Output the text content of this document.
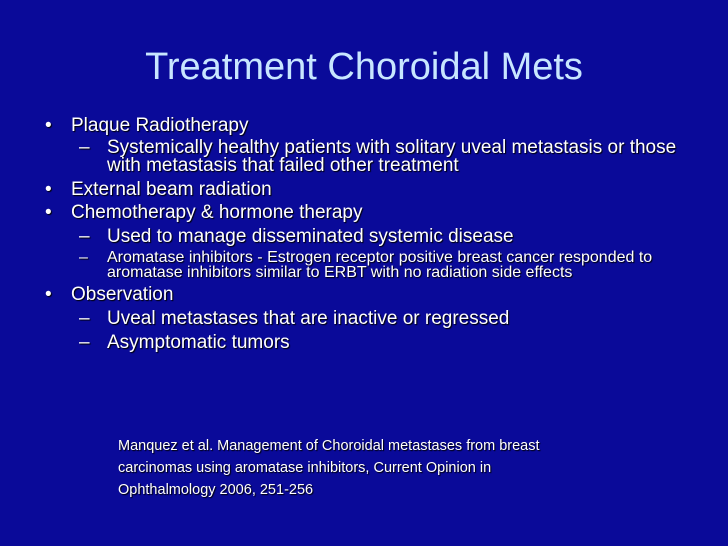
Treatment Choroidal Mets
•	Plaque Radiotherapy
– Systemically healthy patients with solitary uveal metastasis or those with metastasis that failed other treatment
•	External beam radiation
•	Chemotherapy & hormone therapy
– Used to manage disseminated systemic disease
– Aromatase inhibitors - Estrogen receptor positive breast cancer responded to aromatase inhibitors similar to ERBT with no radiation side effects
•	Observation
– Uveal metastases that are inactive or regressed
– Asymptomatic tumors
Manquez et al. Management of Choroidal metastases from breast
carcinomas using aromatase inhibitors, Current Opinion in
Ophthalmology 2006, 251-256
